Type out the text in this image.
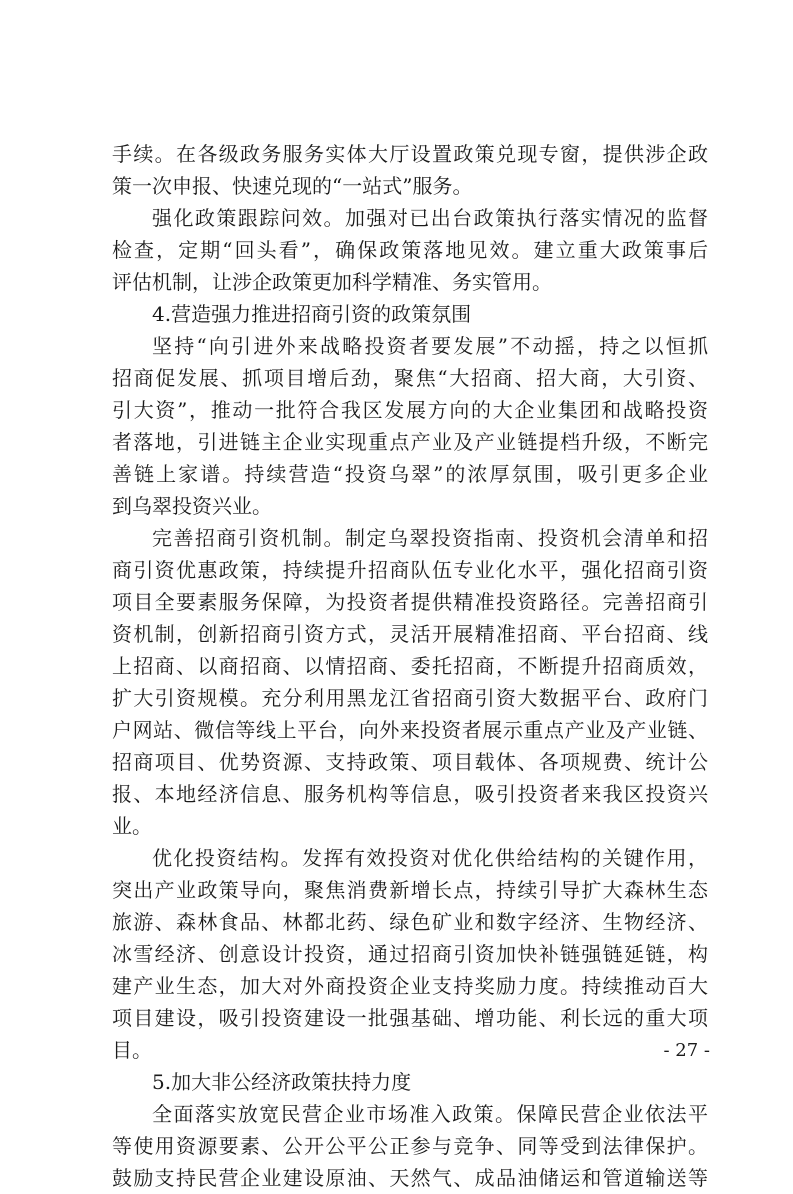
手续。在各级政务服务实体大厅设置政策兑现专窗，提供涉企政
策一次申报、快速兑现的“一站式”服务。
强化政策跟踪问效。加强对已出台政策执行落实情况的监督
检查，定期“回头看”，确保政策落地见效。建立重大政策事后
评估机制，让涉企政策更加科学精准、务实管用。
4.营造强力推进招商引资的政策氛围
坚持“向引进外来战略投资者要发展”不动摇，持之以恒抓
招商促发展、抓项目增后劲，聚焦“大招商、招大商，大引资、
引大资”，推动一批符合我区发展方向的大企业集团和战略投资
者落地，引进链主企业实现重点产业及产业链提档升级，不断完
善链上家谱。持续营造“投资乌翠”的浓厚氛围，吸引更多企业
到乌翠投资兴业。
完善招商引资机制。制定乌翠投资指南、投资机会清单和招
商引资优惠政策，持续提升招商队伍专业化水平，强化招商引资
项目全要素服务保障，为投资者提供精准投资路径。完善招商引
资机制，创新招商引资方式，灵活开展精准招商、平台招商、线
上招商、以商招商、以情招商、委托招商，不断提升招商质效，
扩大引资规模。充分利用黑龙江省招商引资大数据平台、政府门
户网站、微信等线上平台，向外来投资者展示重点产业及产业链、
招商项目、优势资源、支持政策、项目载体、各项规费、统计公
报、本地经济信息、服务机构等信息，吸引投资者来我区投资兴
业。
优化投资结构。发挥有效投资对优化供给结构的关键作用，
突出产业政策导向，聚焦消费新增长点，持续引导扩大森林生态
旅游、森林食品、林都北药、绿色矿业和数字经济、生物经济、
冰雪经济、创意设计投资，通过招商引资加快补链强链延链，构
建产业生态，加大对外商投资企业支持奖励力度。持续推动百大
项目建设，吸引投资建设一批强基础、增功能、利长远的重大项
目。
5.加大非公经济政策扶持力度
全面落实放宽民营企业市场准入政策。保障民营企业依法平
等使用资源要素、公开公平公正参与竞争、同等受到法律保护。
鼓励支持民营企业建设原油、天然气、成品油储运和管道输送等
- 27 -
